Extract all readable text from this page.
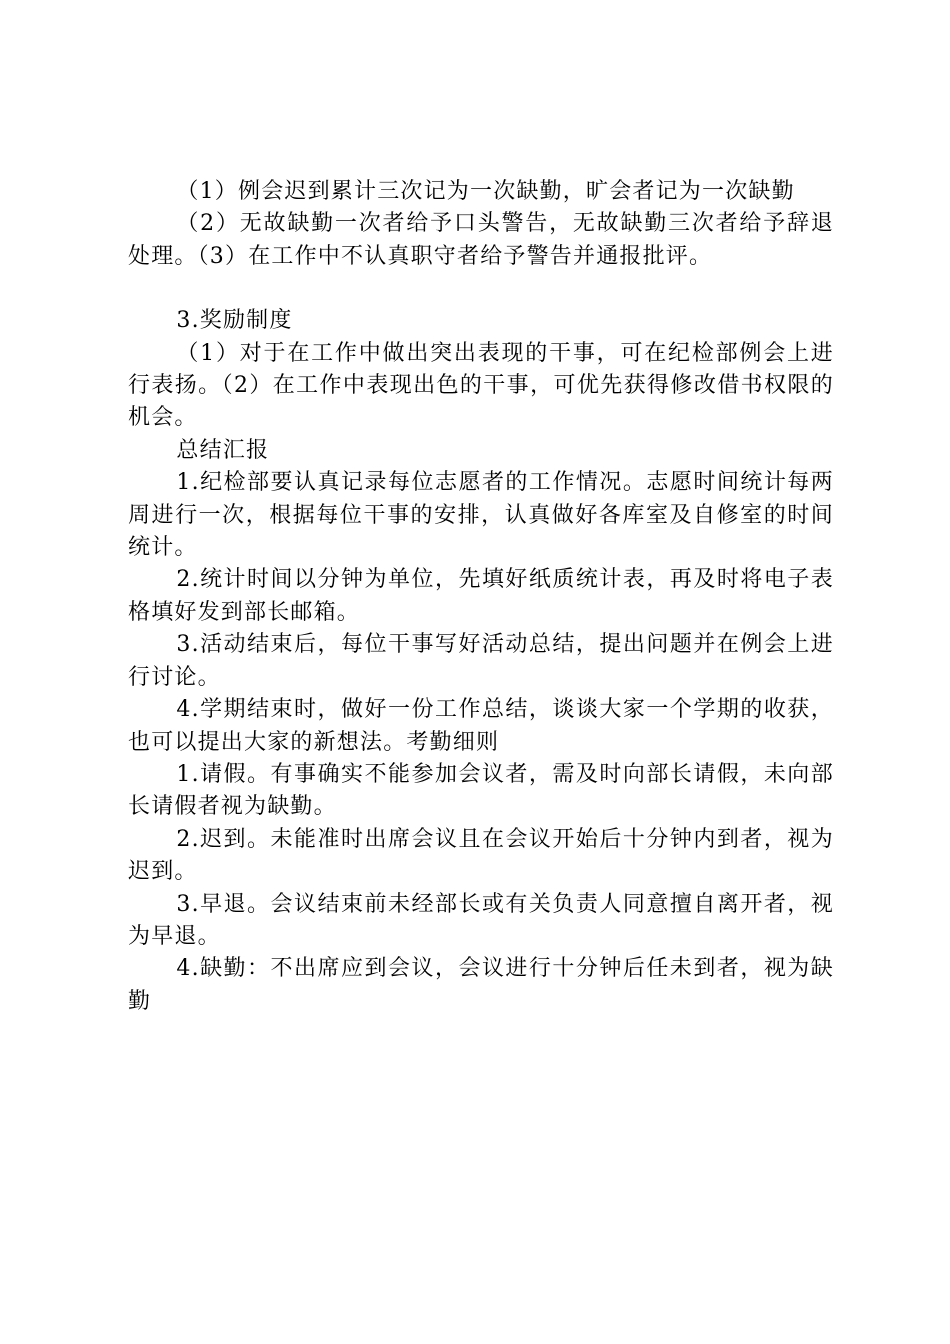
（1）例会迟到累计三次记为一次缺勤，旷会者记为一次缺勤

（2）无故缺勤一次者给予口头警告，无故缺勤三次者给予辞退处理。（3）在工作中不认真职守者给予警告并通报批评。

3.奖励制度

（1）对于在工作中做出突出表现的干事，可在纪检部例会上进行表扬。（2）在工作中表现出色的干事，可优先获得修改借书权限的机会。

总结汇报

1.纪检部要认真记录每位志愿者的工作情况。志愿时间统计每两周进行一次，根据每位干事的安排，认真做好各库室及自修室的时间统计。

2.统计时间以分钟为单位，先填好纸质统计表，再及时将电子表格填好发到部长邮箱。

3.活动结束后，每位干事写好活动总结，提出问题并在例会上进行讨论。

4.学期结束时，做好一份工作总结，谈谈大家一个学期的收获，也可以提出大家的新想法。考勤细则

1.请假。有事确实不能参加会议者，需及时向部长请假，未向部长请假者视为缺勤。

2.迟到。未能准时出席会议且在会议开始后十分钟内到者，视为迟到。

3.早退。会议结束前未经部长或有关负责人同意擅自离开者，视为早退。

4.缺勤：不出席应到会议，会议进行十分钟后任未到者，视为缺勤
